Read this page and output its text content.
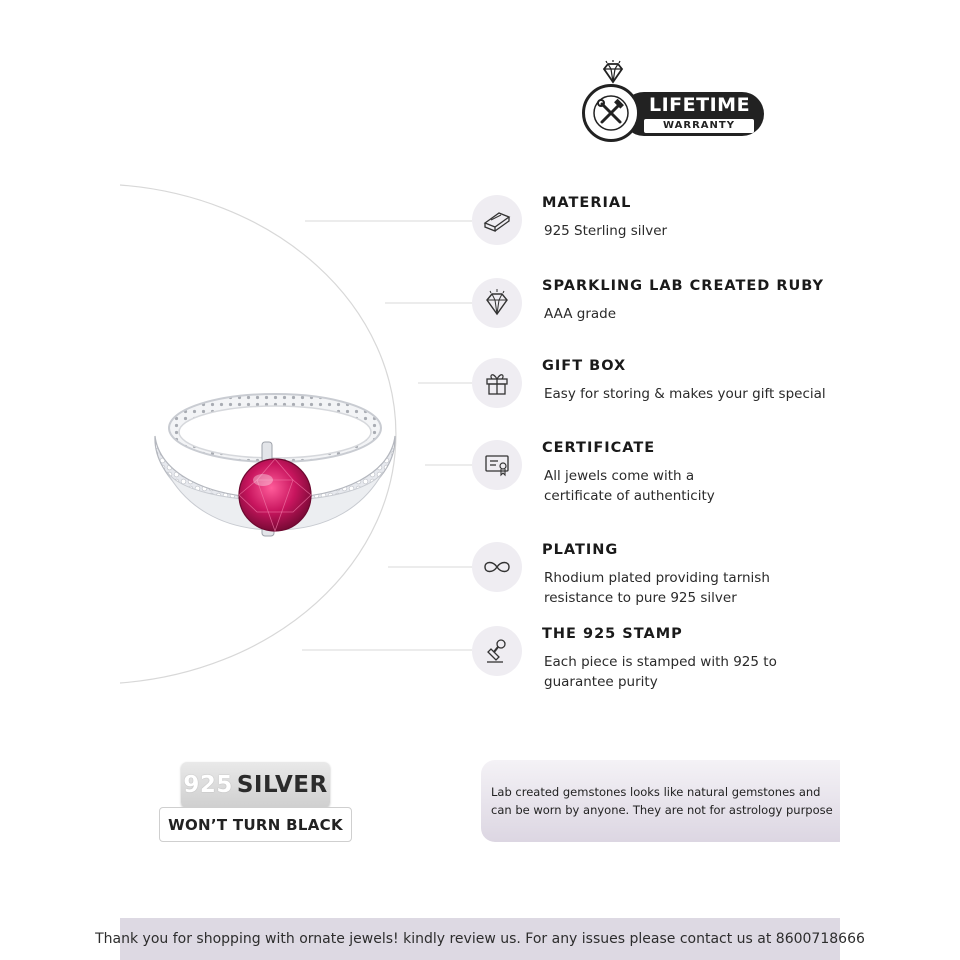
LIFETIME
WARRANTY
MATERIAL
925 Sterling silver
SPARKLING LAB CREATED RUBY
AAA grade
GIFT BOX
Easy for storing & makes your gift special
CERTIFICATE
All jewels come with a
certificate of authenticity
PLATING
Rhodium plated providing tarnish
resistance to pure 925 silver
THE 925 STAMP
Each piece is stamped with 925 to
guarantee purity
925 SILVER
WON’T TURN BLACK
Lab created gemstones looks like natural gemstones and
can be worn by anyone. They are not for astrology purpose
Thank you for shopping with ornate jewels! kindly review us. For any issues please contact us at 8600718666
